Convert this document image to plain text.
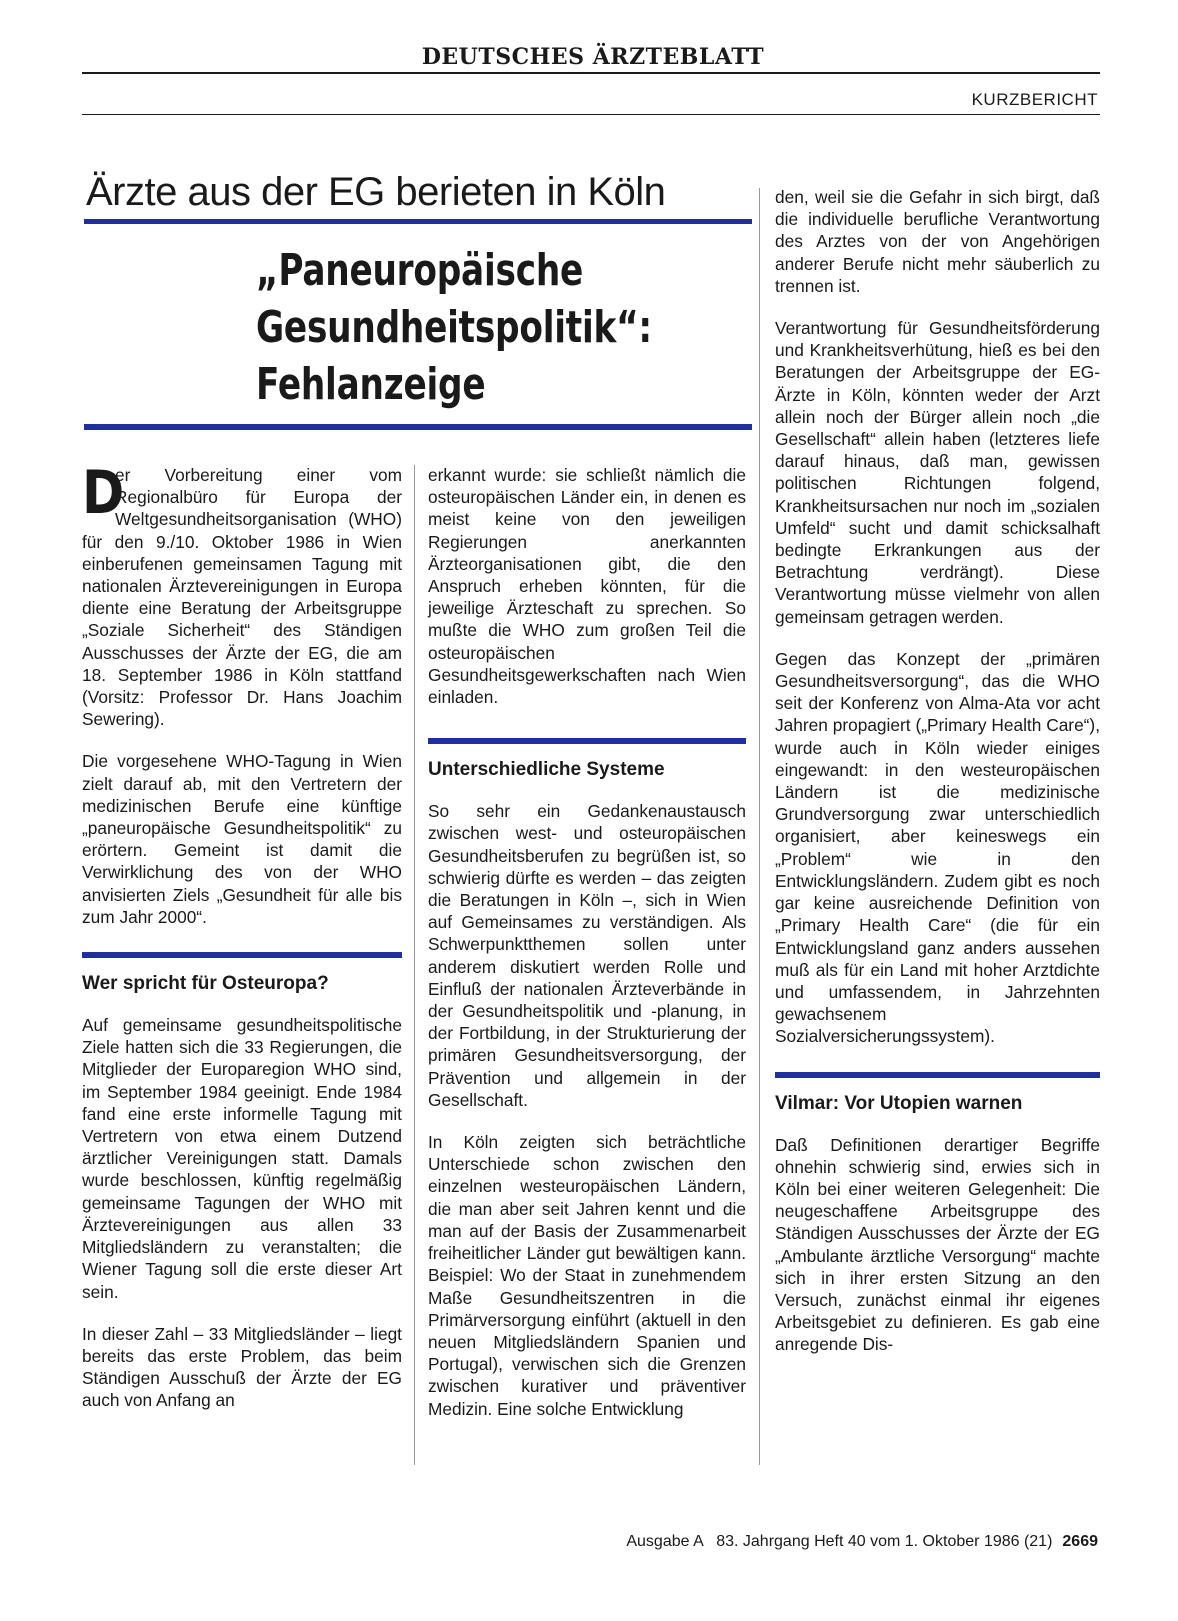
DEUTSCHES ÄRZTEBLATT
KURZBERICHT
Ärzte aus der EG berieten in Köln
„Paneuropäische
Gesundheitspolitik“:
Fehlanzeige

D
er Vorbereitung einer vom Regionalbüro für Europa der Weltgesundheitsorganisation (WHO) für den 9./10. Oktober 1986 in Wien einberufenen gemeinsamen Tagung mit nationalen Ärztevereinigungen in Europa diente eine Beratung der Arbeitsgruppe „Soziale Sicherheit“ des Ständigen Ausschusses der Ärzte der EG, die am 18. September 1986 in Köln stattfand (Vorsitz: Professor Dr. Hans Joachim Sewering).

Die vorgesehene WHO-Tagung in Wien zielt darauf ab, mit den Vertretern der medizinischen Berufe eine künftige „paneuropäische Gesundheitspolitik“ zu erörtern. Gemeint ist damit die Verwirklichung des von der WHO anvisierten Ziels „Gesundheit für alle bis zum Jahr 2000“.

Wer spricht für Osteuropa?

Auf gemeinsame gesundheitspolitische Ziele hatten sich die 33 Regierungen, die Mitglieder der Europaregion WHO sind, im September 1984 geeinigt. Ende 1984 fand eine erste informelle Tagung mit Vertretern von etwa einem Dutzend ärztlicher Vereinigungen statt. Damals wurde beschlossen, künftig regelmäßig gemeinsame Tagungen der WHO mit Ärztevereinigungen aus allen 33 Mitgliedsländern zu veranstalten; die Wiener Tagung soll die erste dieser Art sein.

In dieser Zahl – 33 Mitgliedsländer – liegt bereits das erste Problem, das beim Ständigen Ausschuß der Ärzte der EG auch von Anfang an

erkannt wurde: sie schließt nämlich die osteuropäischen Länder ein, in denen es meist keine von den jeweiligen Regierungen anerkannten Ärzteorganisationen gibt, die den Anspruch erheben könnten, für die jeweilige Ärzteschaft zu sprechen. So mußte die WHO zum großen Teil die osteuropäischen Gesundheitsgewerkschaften nach Wien einladen.

Unterschiedliche Systeme

So sehr ein Gedankenaustausch zwischen west- und osteuropäischen Gesundheitsberufen zu begrüßen ist, so schwierig dürfte es werden – das zeigten die Beratungen in Köln –, sich in Wien auf Gemeinsames zu verständigen. Als Schwerpunktthemen sollen unter anderem diskutiert werden Rolle und Einfluß der nationalen Ärzteverbände in der Gesundheitspolitik und -planung, in der Fortbildung, in der Strukturierung der primären Gesundheitsversorgung, der Prävention und allgemein in der Gesellschaft.

In Köln zeigten sich beträchtliche Unterschiede schon zwischen den einzelnen westeuropäischen Ländern, die man aber seit Jahren kennt und die man auf der Basis der Zusammenarbeit freiheitlicher Länder gut bewältigen kann. Beispiel: Wo der Staat in zunehmendem Maße Gesundheitszentren in die Primärversorgung einführt (aktuell in den neuen Mitgliedsländern Spanien und Portugal), verwischen sich die Grenzen zwischen kurativer und präventiver Medizin. Eine solche Entwicklung

den, weil sie die Gefahr in sich birgt, daß die individuelle berufliche Verantwortung des Arztes von der von Angehörigen anderer Berufe nicht mehr säuberlich zu trennen ist.

Verantwortung für Gesundheitsförderung und Krankheitsverhütung, hieß es bei den Beratungen der Arbeitsgruppe der EG-Ärzte in Köln, könnten weder der Arzt allein noch der Bürger allein noch „die Gesellschaft“ allein haben (letzteres liefe darauf hinaus, daß man, gewissen politischen Richtungen folgend, Krankheitsursachen nur noch im „sozialen Umfeld“ sucht und damit schicksalhaft bedingte Erkrankungen aus der Betrachtung verdrängt). Diese Verantwortung müsse vielmehr von allen gemeinsam getragen werden.

Gegen das Konzept der „primären Gesundheitsversorgung“, das die WHO seit der Konferenz von Alma-Ata vor acht Jahren propagiert („Primary Health Care“), wurde auch in Köln wieder einiges eingewandt: in den westeuropäischen Ländern ist die medizinische Grundversorgung zwar unterschiedlich organisiert, aber keineswegs ein „Problem“ wie in den Entwicklungsländern. Zudem gibt es noch gar keine ausreichende Definition von „Primary Health Care“ (die für ein Entwicklungsland ganz anders aussehen muß als für ein Land mit hoher Arztdichte und umfassendem, in Jahrzehnten gewachsenem Sozialversicherungssystem).

Vilmar: Vor Utopien warnen

Daß Definitionen derartiger Begriffe ohnehin schwierig sind, erwies sich in Köln bei einer weiteren Gelegenheit: Die neugeschaffene Arbeitsgruppe des Ständigen Ausschusses der Ärzte der EG „Ambulante ärztliche Versorgung“ machte sich in ihrer ersten Sitzung an den Versuch, zunächst einmal ihr eigenes Arbeitsgebiet zu definieren. Es gab eine anregende Dis-

Ausgabe A   83. Jahrgang Heft 40 vom 1. Oktober 1986 (21) 2669
